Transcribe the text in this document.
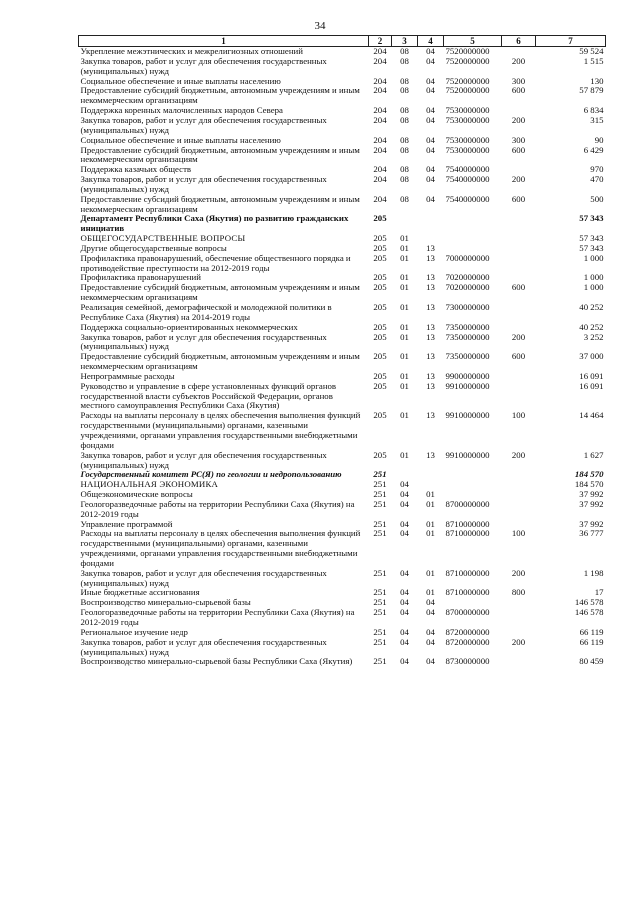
34
1	2	3	4	5	6	7
Укрепление межэтнических и межрелигиозных отношений	204	08	04	7520000000		59 524
Закупка товаров, работ и услуг для обеспечения государственных (муниципальных) нужд	204	08	04	7520000000	200	1 515
Социальное обеспечение и иные выплаты населению	204	08	04	7520000000	300	130
Предоставление субсидий бюджетным, автономным учреждениям и иным некоммерческим организациям	204	08	04	7520000000	600	57 879
Поддержка коренных малочисленных народов Севера	204	08	04	7530000000		6 834
Закупка товаров, работ и услуг для обеспечения государственных (муниципальных) нужд	204	08	04	7530000000	200	315
Социальное обеспечение и иные выплаты населению	204	08	04	7530000000	300	90
Предоставление субсидий бюджетным, автономным учреждениям и иным некоммерческим организациям	204	08	04	7530000000	600	6 429
Поддержка казачьих обществ	204	08	04	7540000000		970
Закупка товаров, работ и услуг для обеспечения государственных (муниципальных) нужд	204	08	04	7540000000	200	470
Предоставление субсидий бюджетным, автономным учреждениям и иным некоммерческим организациям	204	08	04	7540000000	600	500
Департамент Республики Саха (Якутия) по развитию гражданских инициатив	205					57 343
ОБЩЕГОСУДАРСТВЕННЫЕ ВОПРОСЫ	205	01				57 343
Другие общегосударственные вопросы	205	01	13			57 343
Профилактика правонарушений, обеспечение общественного порядка и противодействие преступности на 2012-2019 годы	205	01	13	7000000000		1 000
Профилактика правонарушений	205	01	13	7020000000		1 000
Предоставление субсидий бюджетным, автономным учреждениям и иным некоммерческим организациям	205	01	13	7020000000	600	1 000
Реализация семейной, демографической и молодежной политики в Республике Саха (Якутия) на 2014-2019 годы	205	01	13	7300000000		40 252
Поддержка социально-ориентированных некоммерческих	205	01	13	7350000000		40 252
Закупка товаров, работ и услуг для обеспечения государственных (муниципальных) нужд	205	01	13	7350000000	200	3 252
Предоставление субсидий бюджетным, автономным учреждениям и иным некоммерческим организациям	205	01	13	7350000000	600	37 000
Непрограммные расходы	205	01	13	9900000000		16 091
Руководство и управление в сфере установленных функций органов государственной власти субъектов Российской Федерации, органов местного самоуправления Республики Саха (Якутия)	205	01	13	9910000000		16 091
Расходы на выплаты персоналу в целях обеспечения выполнения функций государственными (муниципальными) органами, казенными учреждениями, органами управления государственными внебюджетными фондами	205	01	13	9910000000	100	14 464
Закупка товаров, работ и услуг для обеспечения государственных (муниципальных) нужд	205	01	13	9910000000	200	1 627
Государственный комитет РС(Я) по геологии и недропользованию	251					184 570
НАЦИОНАЛЬНАЯ ЭКОНОМИКА	251	04				184 570
Общеэкономические вопросы	251	04	01			37 992
Геологоразведочные работы на территории Республики Саха (Якутия) на 2012-2019 годы	251	04	01	8700000000		37 992
Управление программой	251	04	01	8710000000		37 992
Расходы на выплаты персоналу в целях обеспечения выполнения функций государственными (муниципальными) органами, казенными учреждениями, органами управления государственными внебюджетными фондами	251	04	01	8710000000	100	36 777
Закупка товаров, работ и услуг для обеспечения государственных (муниципальных) нужд	251	04	01	8710000000	200	1 198
Иные бюджетные ассигнования	251	04	01	8710000000	800	17
Воспроизводство минерально-сырьевой базы	251	04	04			146 578
Геологоразведочные работы на территории Республики Саха (Якутия) на 2012-2019 годы	251	04	04	8700000000		146 578
Региональное изучение недр	251	04	04	8720000000		66 119
Закупка товаров, работ и услуг для обеспечения государственных (муниципальных) нужд	251	04	04	8720000000	200	66 119
Воспроизводство минерально-сырьевой базы Республики Саха (Якутия)	251	04	04	8730000000		80 459
